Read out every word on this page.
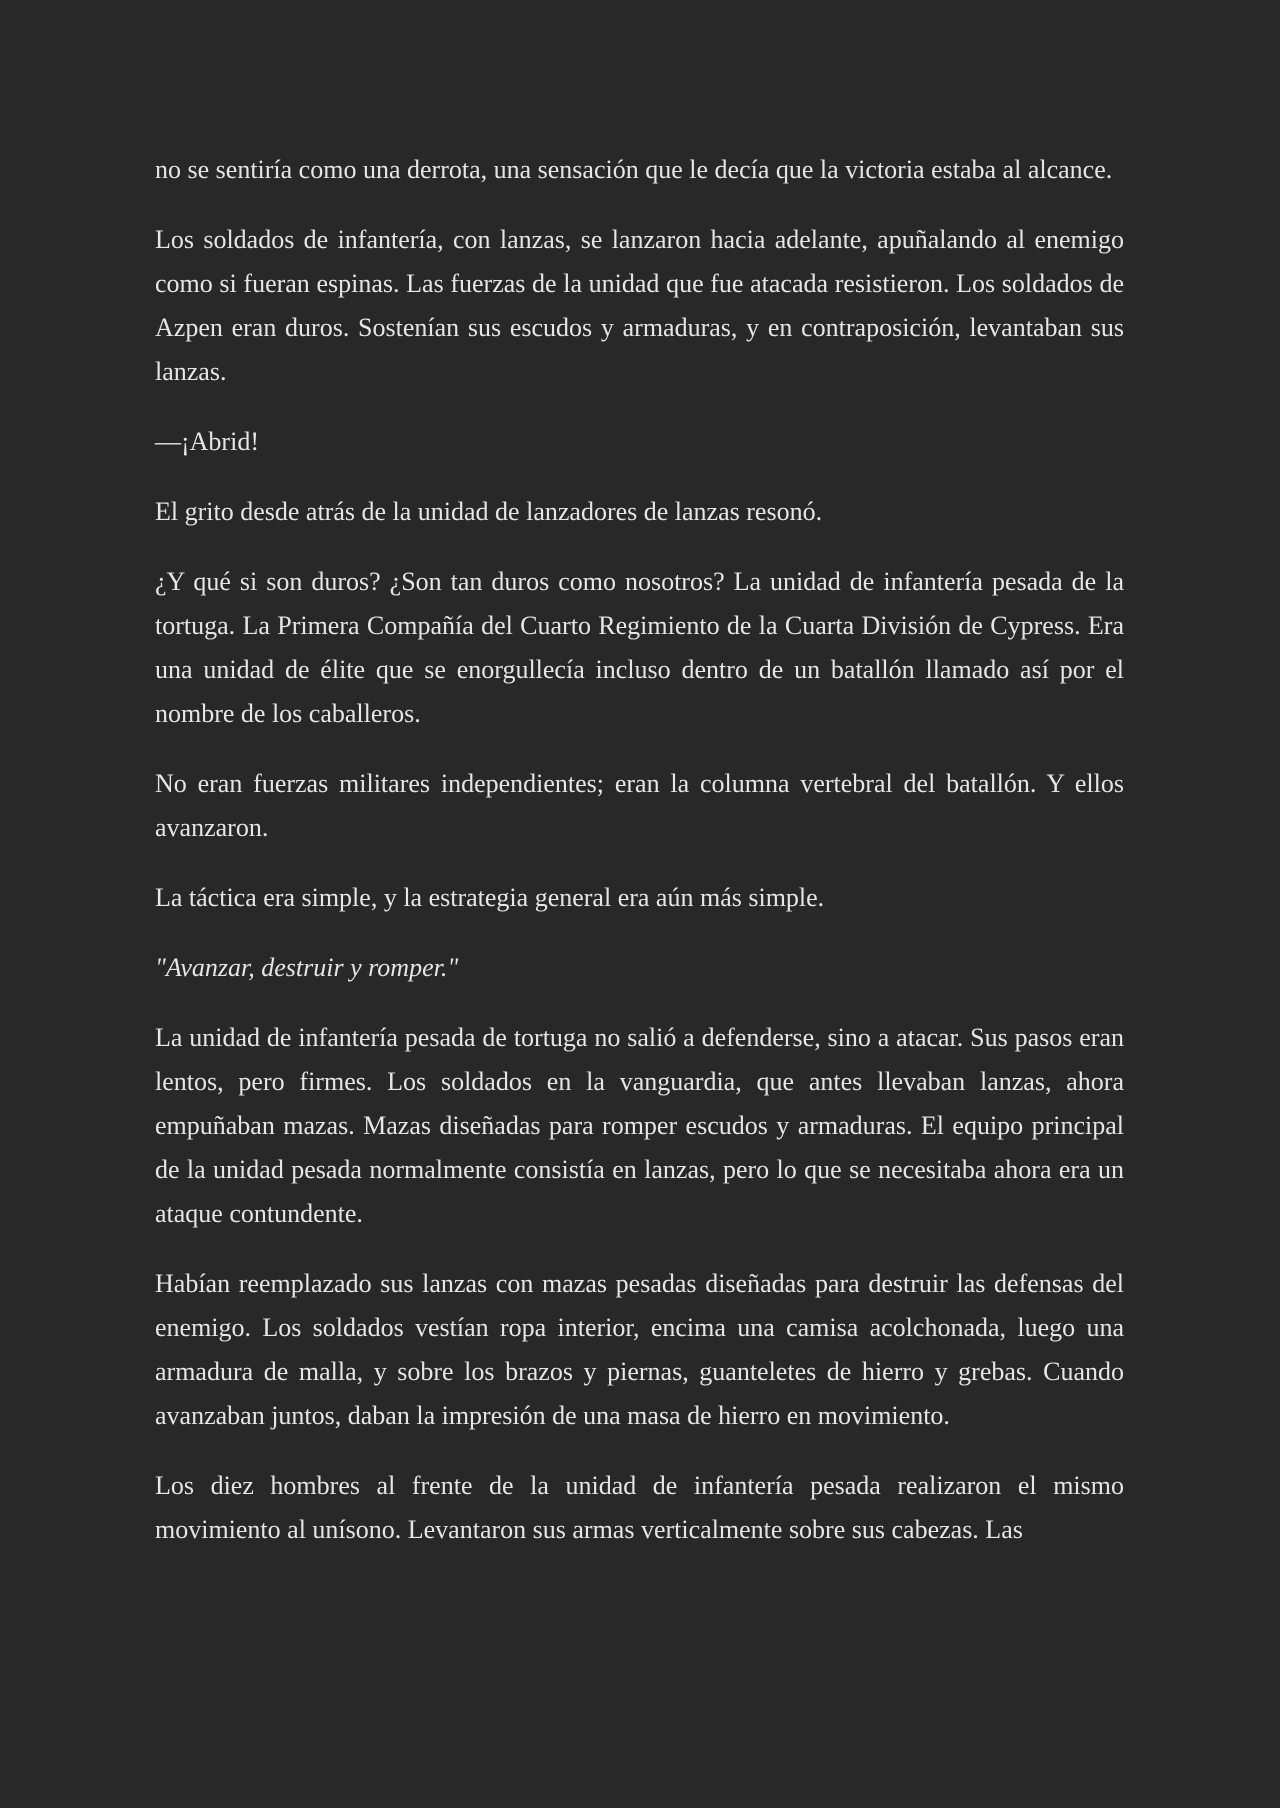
no se sentiría como una derrota, una sensación que le decía que la victoria estaba al alcance.

Los soldados de infantería, con lanzas, se lanzaron hacia adelante, apuñalando al enemigo como si fueran espinas. Las fuerzas de la unidad que fue atacada resistieron. Los soldados de Azpen eran duros. Sostenían sus escudos y armaduras, y en contraposición, levantaban sus lanzas.

—¡Abrid!

El grito desde atrás de la unidad de lanzadores de lanzas resonó.

¿Y qué si son duros? ¿Son tan duros como nosotros? La unidad de infantería pesada de la tortuga. La Primera Compañía del Cuarto Regimiento de la Cuarta División de Cypress. Era una unidad de élite que se enorgullecía incluso dentro de un batallón llamado así por el nombre de los caballeros.

No eran fuerzas militares independientes; eran la columna vertebral del batallón. Y ellos avanzaron.

La táctica era simple, y la estrategia general era aún más simple.

"Avanzar, destruir y romper."

La unidad de infantería pesada de tortuga no salió a defenderse, sino a atacar. Sus pasos eran lentos, pero firmes. Los soldados en la vanguardia, que antes llevaban lanzas, ahora empuñaban mazas. Mazas diseñadas para romper escudos y armaduras. El equipo principal de la unidad pesada normalmente consistía en lanzas, pero lo que se necesitaba ahora era un ataque contundente.

Habían reemplazado sus lanzas con mazas pesadas diseñadas para destruir las defensas del enemigo. Los soldados vestían ropa interior, encima una camisa acolchonada, luego una armadura de malla, y sobre los brazos y piernas, guanteletes de hierro y grebas. Cuando avanzaban juntos, daban la impresión de una masa de hierro en movimiento.

Los diez hombres al frente de la unidad de infantería pesada realizaron el mismo movimiento al unísono. Levantaron sus armas verticalmente sobre sus cabezas. Las
